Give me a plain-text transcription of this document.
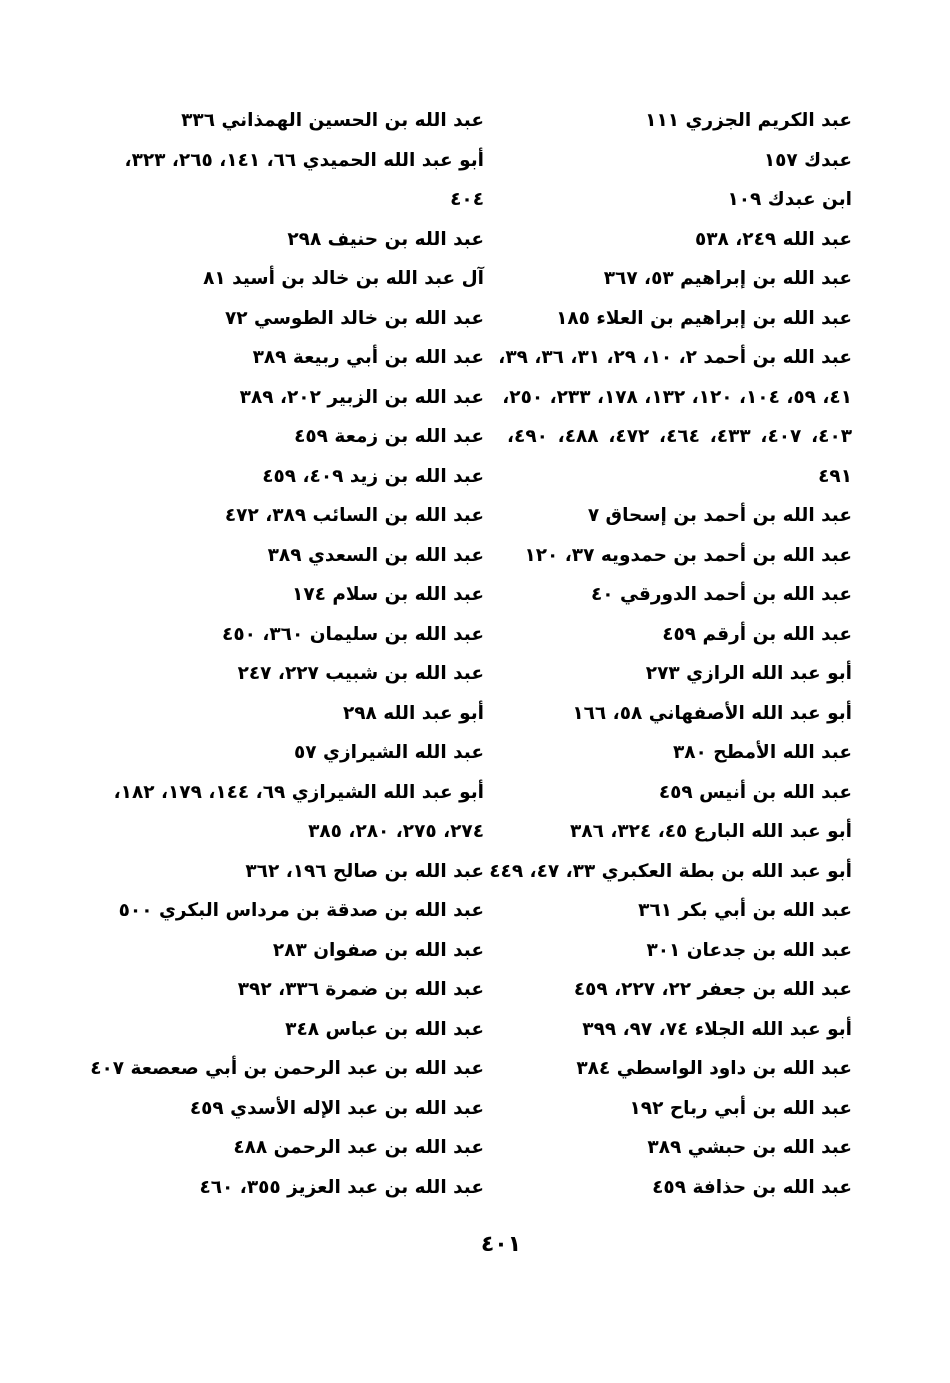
عبد الكريم الجزري ١١١
عبدك ١٥٧
ابن عبدك ١٠٩
عبد الله ٢٤٩، ٥٣٨
عبد الله بن إبراهيم ٥٣، ٣٦٧
عبد الله بن إبراهيم بن العلاء ١٨٥
عبد الله بن أحمد ٢، ١٠، ٢٩، ٣١، ٣٦، ٣٩،
٤١، ٥٩، ١٠٤، ١٢٠، ١٣٢، ١٧٨، ٢٣٣، ٢٥٠،
٤٠٣، ٤٠٧، ٤٣٣، ٤٦٤، ٤٧٢، ٤٨٨، ٤٩٠،
٤٩١
عبد الله بن أحمد بن إسحاق ٧
عبد الله بن أحمد بن حمدويه ٣٧، ١٢٠
عبد الله بن أحمد الدورقي ٤٠
عبد الله بن أرقم ٤٥٩
أبو عبد الله الرازي ٢٧٣
أبو عبد الله الأصفهاني ٥٨، ١٦٦
عبد الله الأمطح ٣٨٠
عبد الله بن أنيس ٤٥٩
أبو عبد الله البارع ٤٥، ٣٢٤، ٣٨٦
أبو عبد الله بن بطة العكبري ٣٣، ٤٧، ٤٤٩
عبد الله بن أبي بكر ٣٦١
عبد الله بن جدعان ٣٠١
عبد الله بن جعفر ٢٢، ٢٢٧، ٤٥٩
أبو عبد الله الجلاء ٧٤، ٩٧، ٣٩٩
عبد الله بن داود الواسطي ٣٨٤
عبد الله بن أبي رباح ١٩٢
عبد الله بن حبشي ٣٨٩
عبد الله بن حذافة ٤٥٩
عبد الله بن الحسين الهمذاني ٣٣٦
أبو عبد الله الحميدي ٦٦، ١٤١، ٢٦٥، ٣٢٣،
٤٠٤
عبد الله بن حنيف ٢٩٨
آل عبد الله بن خالد بن أسيد ٨١
عبد الله بن خالد الطوسي ٧٢
عبد الله بن أبي ربيعة ٣٨٩
عبد الله بن الزبير ٢٠٢، ٣٨٩
عبد الله بن زمعة ٤٥٩
عبد الله بن زيد ٤٠٩، ٤٥٩
عبد الله بن السائب ٣٨٩، ٤٧٢
عبد الله بن السعدي ٣٨٩
عبد الله بن سلام ١٧٤
عبد الله بن سليمان ٣٦٠، ٤٥٠
عبد الله بن شبيب ٢٢٧، ٢٤٧
أبو عبد الله ٢٩٨
عبد الله الشيرازي ٥٧
أبو عبد الله الشيرازي ٦٩، ١٤٤، ١٧٩، ١٨٢،
٢٧٤، ٢٧٥، ٢٨٠، ٣٨٥
عبد الله بن صالح ١٩٦، ٣٦٢
عبد الله بن صدقة بن مرداس البكري ٥٠٠
عبد الله بن صفوان ٢٨٣
عبد الله بن ضمرة ٣٣٦، ٣٩٢
عبد الله بن عباس ٣٤٨
عبد الله بن عبد الرحمن بن أبي صعصعة ٤٠٧
عبد الله بن عبد الإله الأسدي ٤٥٩
عبد الله بن عبد الرحمن ٤٨٨
عبد الله بن عبد العزيز ٣٥٥، ٤٦٠
٤٠١
